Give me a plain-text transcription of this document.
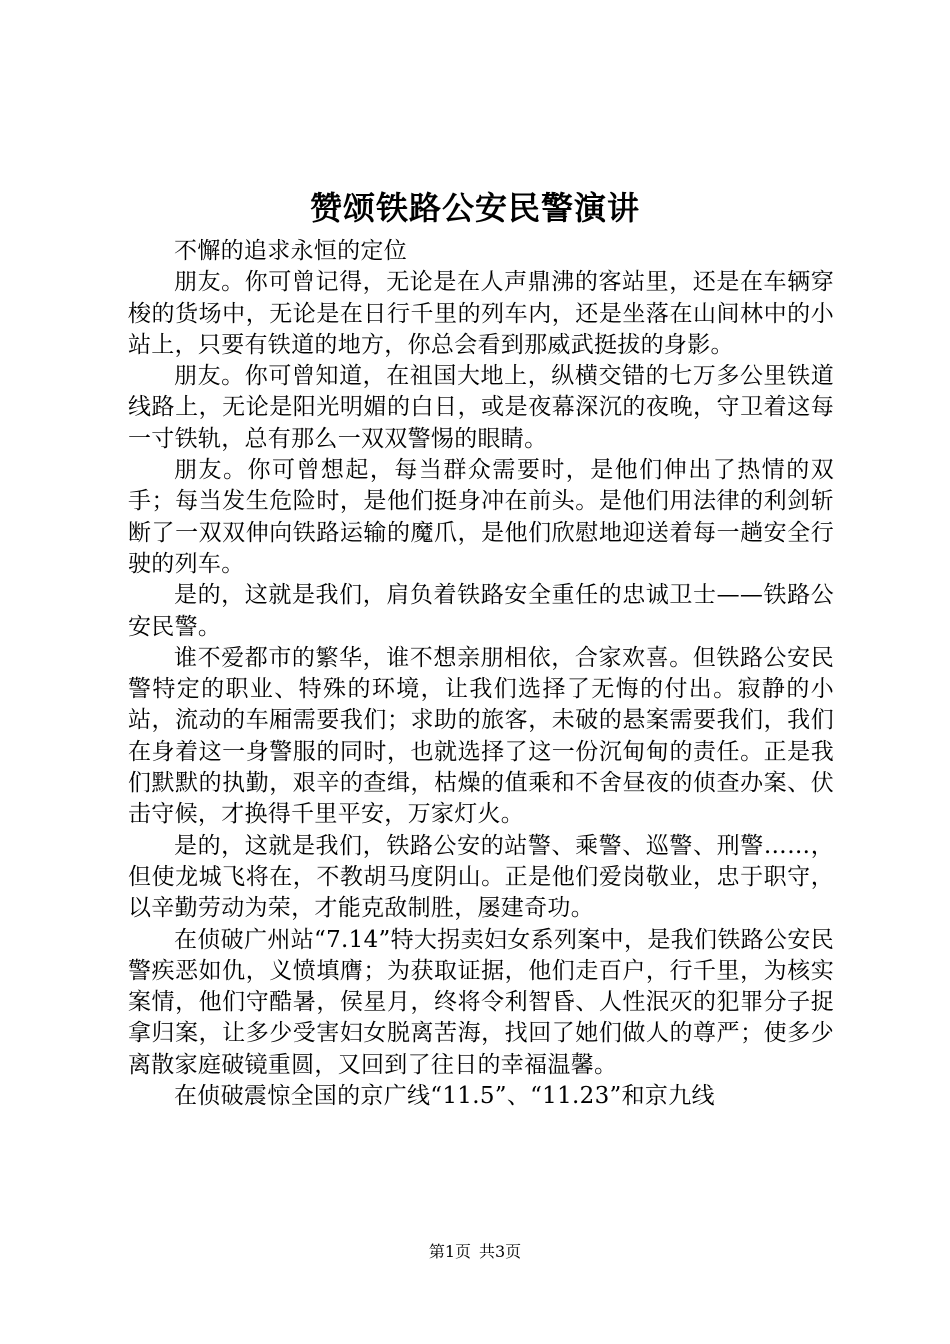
赞颂铁路公安民警演讲

不懈的追求永恒的定位

朋友。你可曾记得，无论是在人声鼎沸的客站里，还是在车辆穿梭的货场中，无论是在日行千里的列车内，还是坐落在山间林中的小站上，只要有铁道的地方，你总会看到那威武挺拔的身影。

朋友。你可曾知道，在祖国大地上，纵横交错的七万多公里铁道线路上，无论是阳光明媚的白日，或是夜幕深沉的夜晚，守卫着这每一寸铁轨，总有那么一双双警惕的眼睛。

朋友。你可曾想起，每当群众需要时，是他们伸出了热情的双手；每当发生危险时，是他们挺身冲在前头。是他们用法律的利剑斩断了一双双伸向铁路运输的魔爪，是他们欣慰地迎送着每一趟安全行驶的列车。

是的，这就是我们，肩负着铁路安全重任的忠诚卫士——铁路公安民警。

谁不爱都市的繁华，谁不想亲朋相依，合家欢喜。但铁路公安民警特定的职业、特殊的环境，让我们选择了无悔的付出。寂静的小站，流动的车厢需要我们；求助的旅客，未破的悬案需要我们，我们在身着这一身警服的同时，也就选择了这一份沉甸甸的责任。正是我们默默的执勤，艰辛的查缉，枯燥的值乘和不舍昼夜的侦查办案、伏击守候，才换得千里平安，万家灯火。

是的，这就是我们，铁路公安的站警、乘警、巡警、刑警……，但使龙城飞将在，不教胡马度阴山。正是他们爱岗敬业，忠于职守，以辛勤劳动为荣，才能克敌制胜，屡建奇功。

在侦破广州站“7.14”特大拐卖妇女系列案中，是我们铁路公安民警疾恶如仇，义愤填膺；为获取证据，他们走百户，行千里，为核实案情，他们守酷暑，侯星月，终将令利智昏、人性泯灭的犯罪分子捉拿归案，让多少受害妇女脱离苦海，找回了她们做人的尊严；使多少离散家庭破镜重圆，又回到了往日的幸福温馨。

在侦破震惊全国的京广线“11.5”、“11.23”和京九线

第1页 共3页
